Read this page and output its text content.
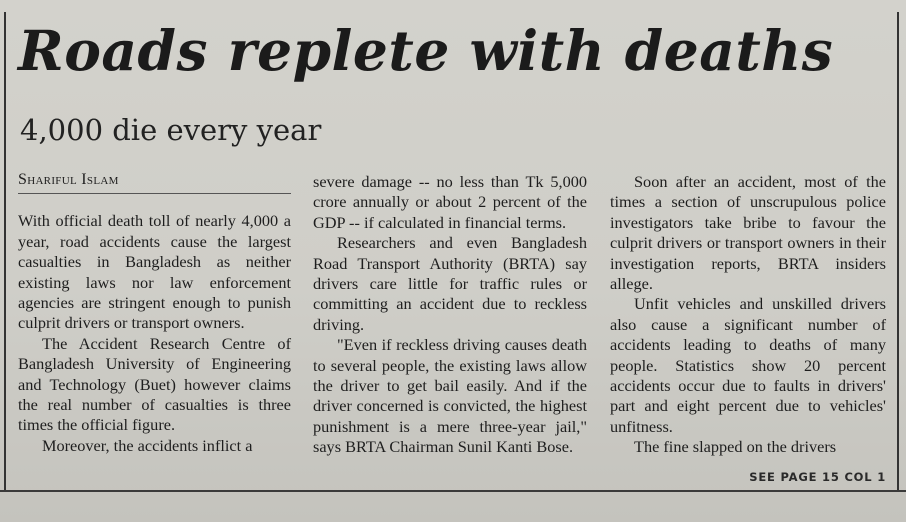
Roads replete with deaths
4,000 die every year
Shariful Islam

With official death toll of nearly 4,000 a year, road accidents cause the largest casualties in Bangladesh as neither existing laws nor law enforcement agencies are stringent enough to punish culprit drivers or transport owners.

The Accident Research Centre of Bangladesh University of Engineering and Technology (Buet) however claims the real number of casualties is three times the official figure.

Moreover, the accidents inflict a

severe damage -- no less than Tk 5,000 crore annually or about 2 percent of the GDP -- if calculated in financial terms.

Researchers and even Bangladesh Road Transport Authority (BRTA) say drivers care little for traffic rules or committing an accident due to reckless driving.

"Even if reckless driving causes death to several people, the existing laws allow the driver to get bail easily. And if the driver concerned is convicted, the highest punishment is a mere three-year jail," says BRTA Chairman Sunil Kanti Bose.

Soon after an accident, most of the times a section of unscrupulous police investigators take bribe to favour the culprit drivers or transport owners in their investigation reports, BRTA insiders allege.

Unfit vehicles and unskilled drivers also cause a significant number of accidents leading to deaths of many people. Statistics show 20 percent accidents occur due to faults in drivers' part and eight percent due to vehicles' unfitness.

The fine slapped on the drivers

SEE PAGE 15 COL 1
